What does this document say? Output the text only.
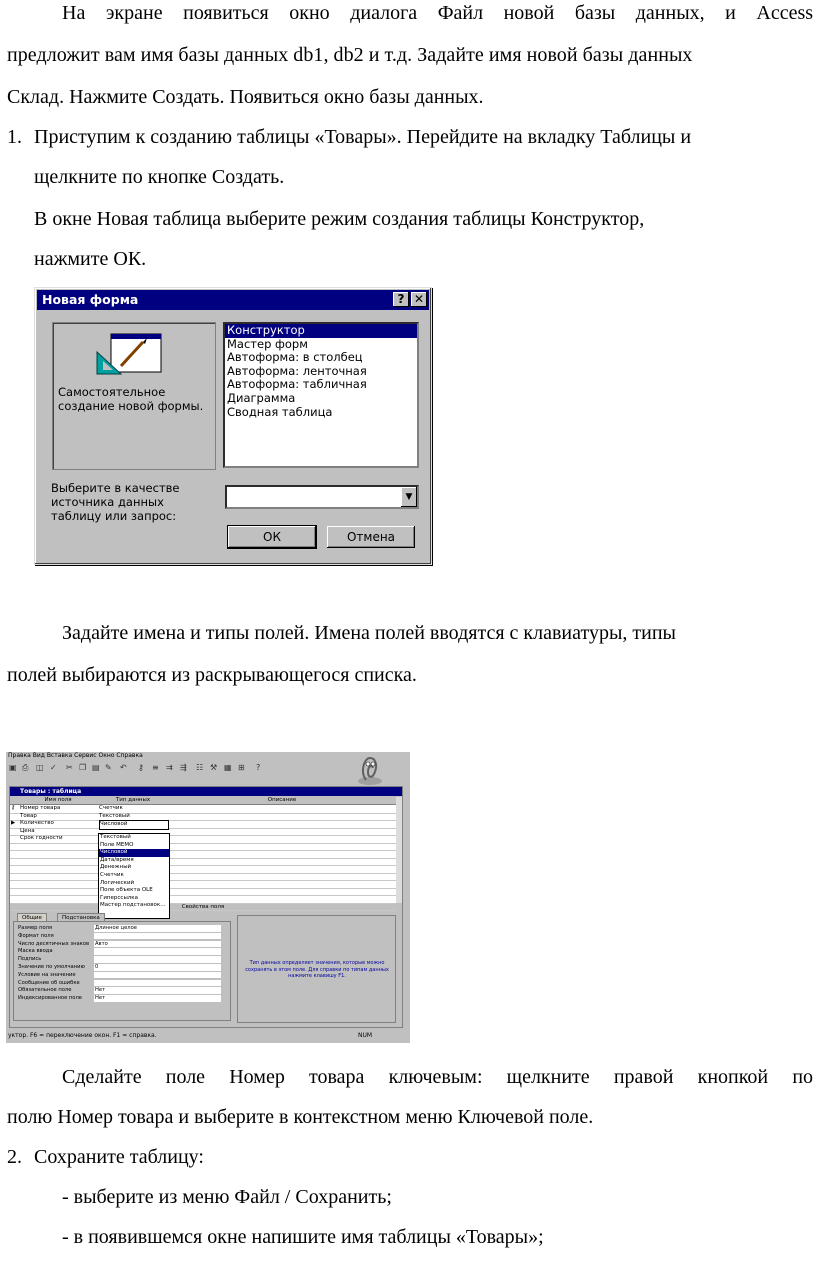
На экране появиться окно диалога Файл новой базы данных, и Access
предложит вам имя базы данных db1, db2 и т.д. Задайте имя новой базы данных
Склад. Нажмите Создать. Появиться окно базы данных.
1. Приступим к созданию таблицы «Товары». Перейдите на вкладку Таблицы и
щелкните по кнопке Создать.
В окне Новая таблица выберите режим создания таблицы Конструктор,
нажмите ОК.
Новая форма	? ✕
Самостоятельное создание новой формы.
Конструктор
Мастер форм
Автоформа: в столбец
Автоформа: ленточная
Автоформа: табличная
Диаграмма
Сводная таблица
Выберите в качестве источника данных таблицу или запрос:
▼
ОК	Отмена
Задайте имена и типы полей. Имена полей вводятся с клавиатуры, типы
полей выбираются из раскрывающегося списка.
Правка Вид Вставка Сервис Окно Справка
▣ ⎙ ◫ ✓ ✂ ❐ ▤ ✎ ↶ ⚷ ≡ ⇉ ⇶ ☷ ⚒ ▦ ⊞ ?
Товары : таблица
Имя поля	Тип данных	Описание
⚷ Номер товара	Счетчик
Товар	Текстовый
▶ Количество	Числовой
Цена
Срок годности	Текстовый
Поле MEMO
Числовой
Дата/время
Денежный
Счетчик
Логический
Поле объекта OLE
Гиперссылка
Мастер подстановок...	Свойства поля
Общие	Подстановка
Размер поля	Длинное целое
Формат поля
Число десятичных знаков Авто
Маска ввода
Подпись
Значение по умолчанию 0
Условие на значение
Сообщение об ошибке
Обязательное поле	Нет
Индексированное поле	Нет
Тип данных определяет значения, которые можно сохранять в этом поле. Для справки по типам данных нажмите клавишу F1.
уктор. F6 = переключение окон. F1 = справка.	NUM
Сделайте поле Номер товара ключевым: щелкните правой кнопкой по
полю Номер товара и выберите в контекстном меню Ключевой поле.
2. Сохраните таблицу:
- выберите из меню Файл / Сохранить;
- в появившемся окне напишите имя таблицы «Товары»;
